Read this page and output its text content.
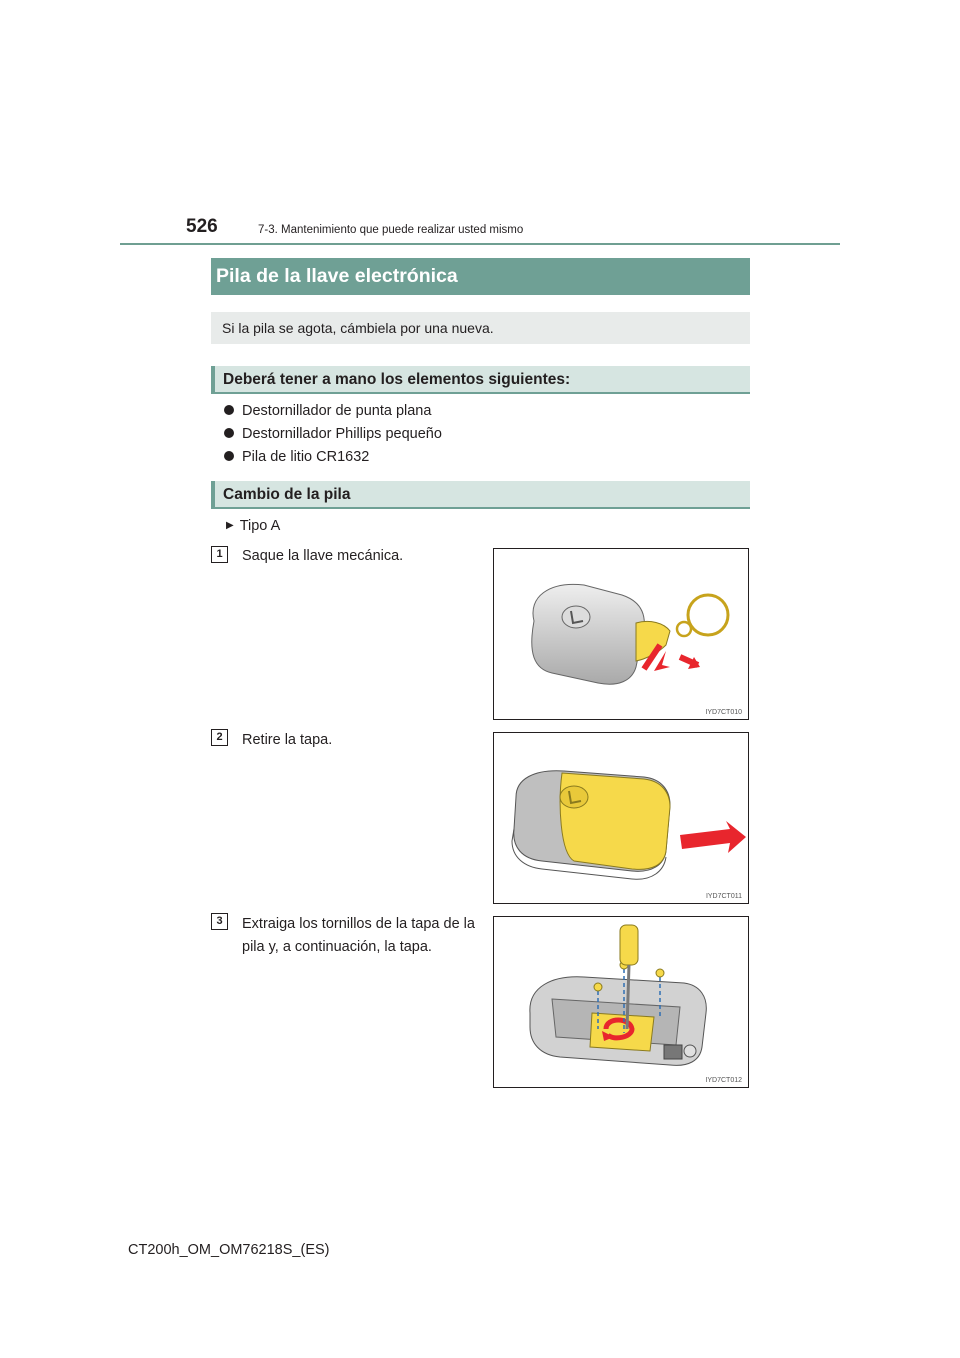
526	7-3. Mantenimiento que puede realizar usted mismo
Pila de la llave electrónica
Si la pila se agota, cámbiela por una nueva.
Deberá tener a mano los elementos siguientes:
Destornillador de punta plana
Destornillador Phillips pequeño
Pila de litio CR1632
Cambio de la pila
▶ Tipo A
1	Saque la llave mecánica.
IYD7CT010
2	Retire la tapa.
IYD7CT011
3	Extraiga los tornillos de la tapa de la pila y, a continuación, la tapa.
IYD7CT012
CT200h_OM_OM76218S_(ES)
